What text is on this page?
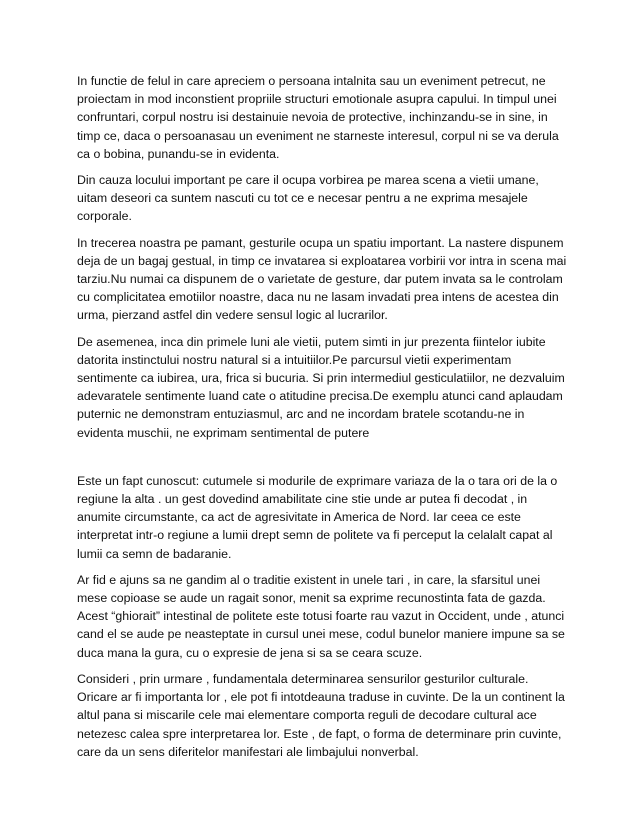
In functie de felul in care apreciem o persoana intalnita sau un eveniment petrecut, ne proiectam in mod inconstient propriile structuri emotionale asupra capului. In timpul unei confruntari, corpul nostru isi destainuie nevoia de protective, inchinzandu-se in sine, in timp ce, daca o persoanasau un eveniment ne starneste interesul, corpul ni se va derula ca o bobina, punandu-se in evidenta.

Din cauza locului important pe care il ocupa vorbirea pe marea scena a vietii umane, uitam deseori ca suntem nascuti cu tot ce e necesar pentru a ne exprima mesajele corporale.

In trecerea noastra pe pamant, gesturile ocupa un spatiu important. La nastere dispunem deja de un bagaj gestual, in timp ce invatarea si exploatarea vorbirii vor intra in scena mai tarziu.Nu numai ca dispunem de o varietate de gesture, dar putem invata sa le controlam cu complicitatea emotiilor noastre, daca nu ne lasam invadati prea intens de acestea din urma, pierzand astfel din vedere sensul logic al lucrarilor.

De asemenea, inca din primele luni ale vietii, putem simti in jur prezenta fiintelor iubite datorita instinctului nostru natural si a intuitiilor.Pe parcursul vietii experimentam sentimente ca iubirea, ura, frica si bucuria. Si prin intermediul gesticulatiilor, ne dezvaluim adevaratele sentimente luand cate o atitudine precisa.De exemplu atunci cand aplaudam puternic ne demonstram entuziasmul, arc and ne incordam bratele scotandu-ne in evidenta muschii, ne exprimam sentimental de putere

Este un fapt cunoscut: cutumele si modurile de exprimare variaza de la o tara ori de la o regiune la alta . un gest dovedind amabilitate cine stie unde ar putea fi decodat , in anumite circumstante, ca act de agresivitate in America de Nord. Iar ceea ce este interpretat intr-o regiune a lumii drept semn de politete va fi perceput la celalalt capat al lumii ca semn de badaranie.

Ar fid e ajuns sa ne gandim al o traditie existent in unele tari , in care, la sfarsitul unei mese copioase se aude un ragait sonor, menit sa exprime recunostinta fata de gazda. Acest “ghiorait” intestinal de politete este totusi foarte rau vazut in Occident, unde , atunci cand el se aude pe neasteptate in cursul unei mese, codul bunelor maniere impune sa se duca mana la gura, cu o expresie de jena si sa se ceara scuze.

Consideri , prin urmare , fundamentala determinarea sensurilor gesturilor culturale. Oricare ar fi importanta lor , ele pot fi intotdeauna traduse in cuvinte. De la un continent la altul pana si miscarile cele mai elementare comporta reguli de decodare cultural ace netezesc calea spre interpretarea lor. Este , de fapt, o forma de determinare prin cuvinte, care da un sens diferitelor manifestari ale limbajului nonverbal.
